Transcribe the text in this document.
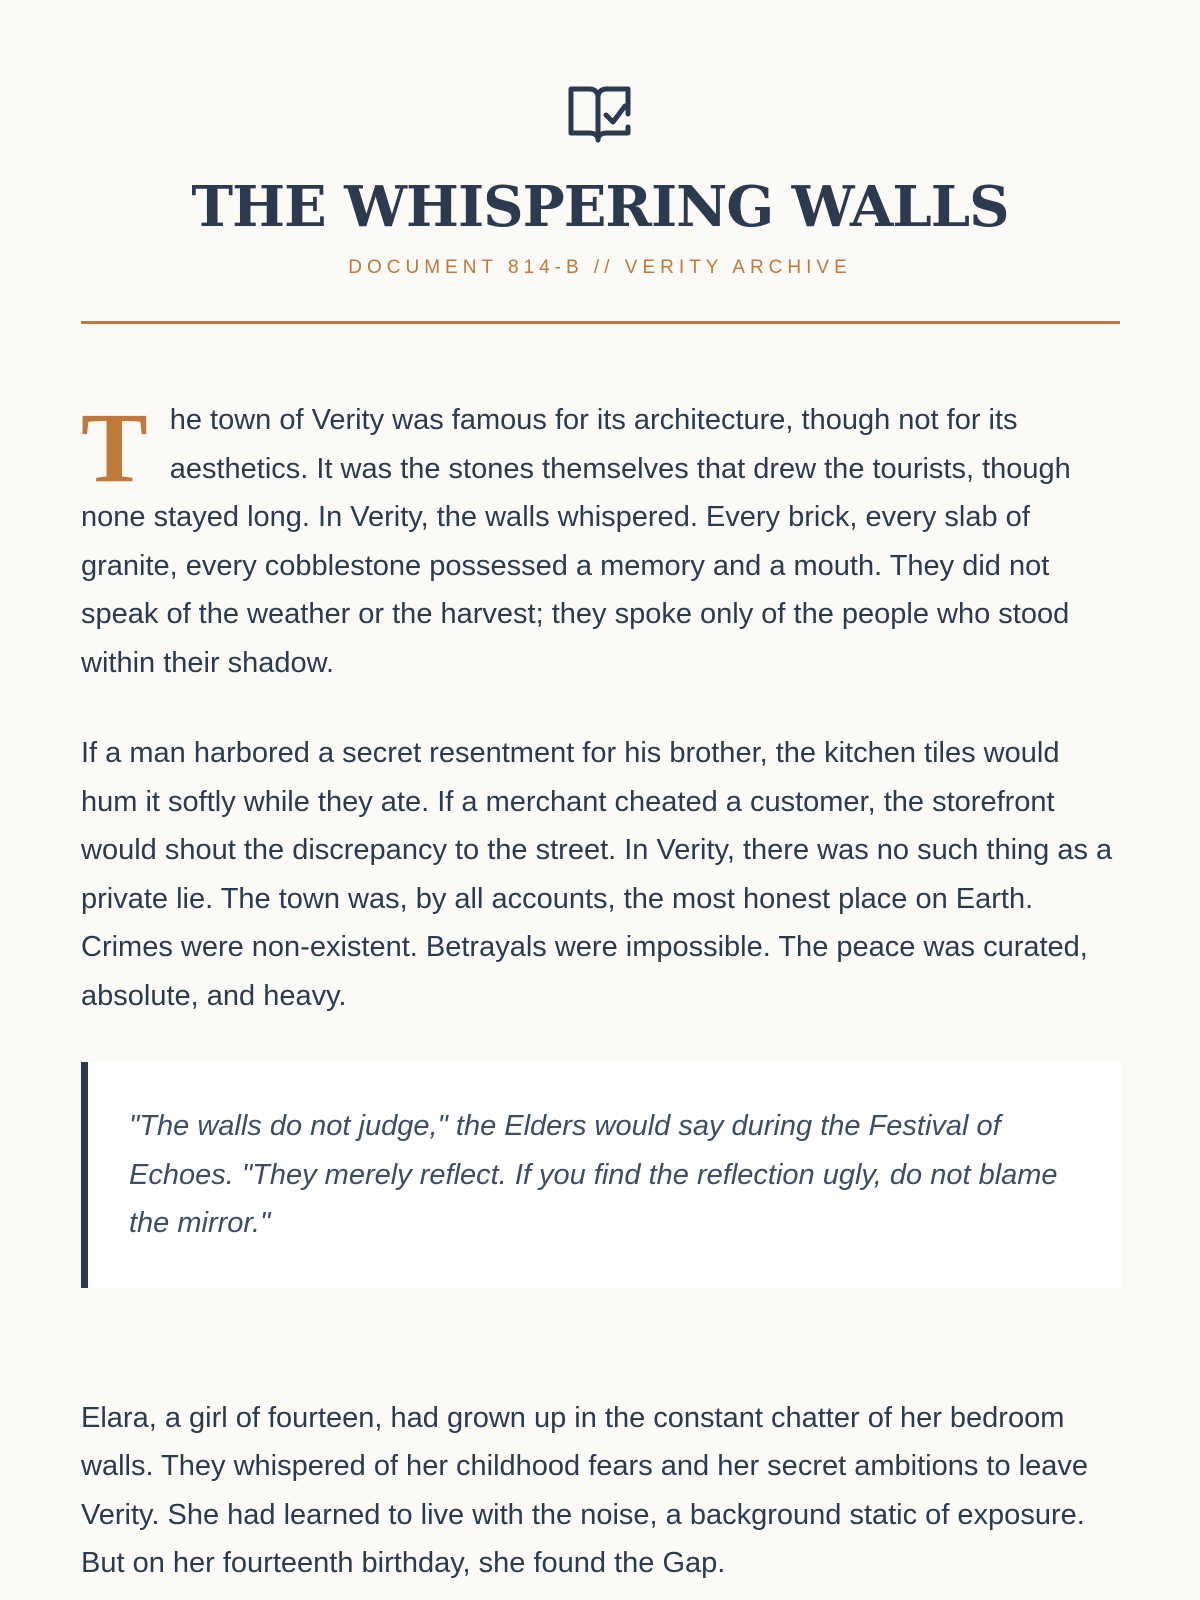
THE WHISPERING WALLS
DOCUMENT 814-B // VERITY ARCHIVE

The town of Verity was famous for its architecture, though not for its aesthetics. It was the stones themselves that drew the tourists, though none stayed long. In Verity, the walls whispered. Every brick, every slab of granite, every cobblestone possessed a memory and a mouth. They did not speak of the weather or the harvest; they spoke only of the people who stood within their shadow.

If a man harbored a secret resentment for his brother, the kitchen tiles would hum it softly while they ate. If a merchant cheated a customer, the storefront would shout the discrepancy to the street. In Verity, there was no such thing as a private lie. The town was, by all accounts, the most honest place on Earth. Crimes were non-existent. Betrayals were impossible. The peace was curated, absolute, and heavy.

"The walls do not judge," the Elders would say during the Festival of Echoes. "They merely reflect. If you find the reflection ugly, do not blame the mirror."

Elara, a girl of fourteen, had grown up in the constant chatter of her bedroom walls. They whispered of her childhood fears and her secret ambitions to leave Verity. She had learned to live with the noise, a background static of exposure. But on her fourteenth birthday, she found the Gap.
